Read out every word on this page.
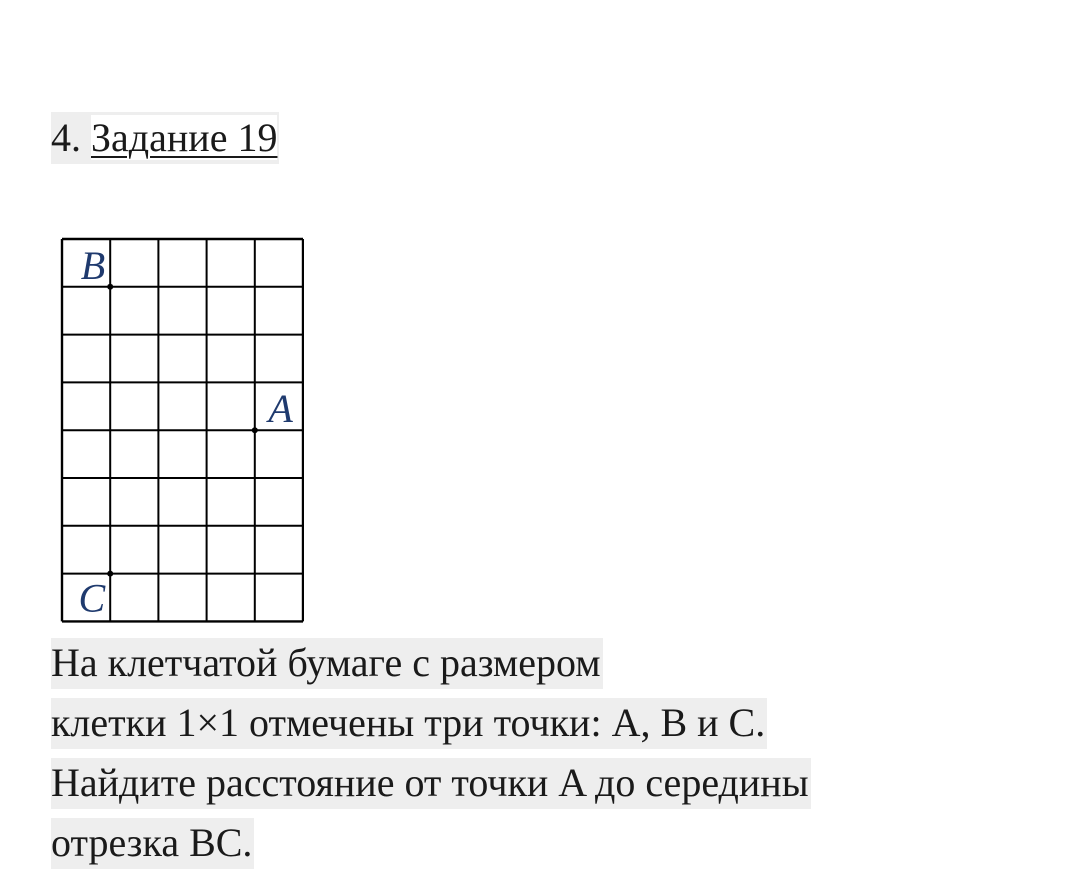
4. Задание 19
B
A
C
На клетчатой бумаге с размером
клетки 1×1 отмечены три точки: A, B и C.
Найдите расстояние от точки A до середины
отрезка BC.
